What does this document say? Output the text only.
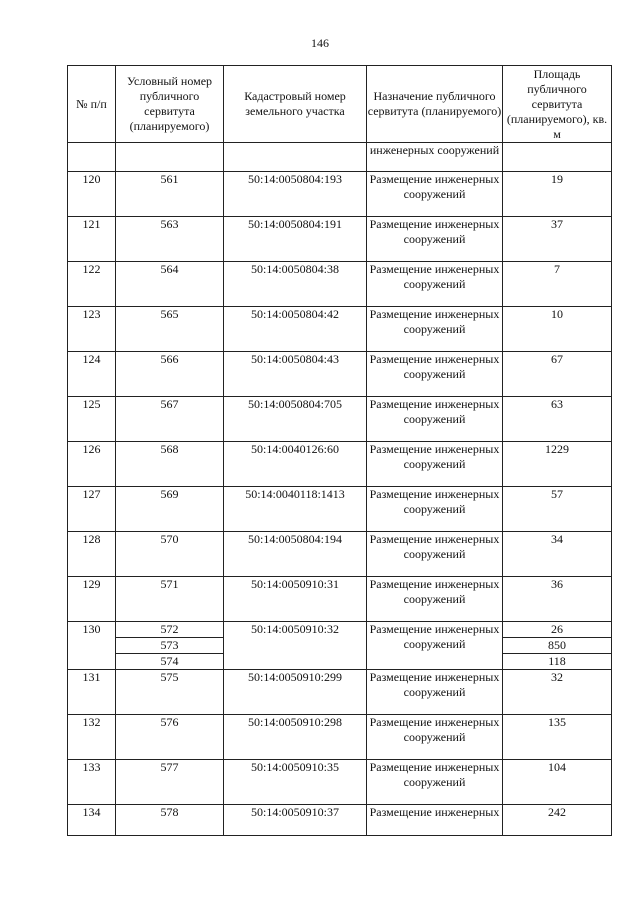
146
№ п/п	Условный номер публичного сервитута (планируемого)	Кадастровый номер земельного участка	Назначение публичного сервитута (планируемого)	Площадь публичного сервитута (планируемого), кв. м
			инженерных сооружений	
120	561	50:14:0050804:193	Размещение инженерных сооружений	19
121	563	50:14:0050804:191	Размещение инженерных сооружений	37
122	564	50:14:0050804:38	Размещение инженерных сооружений	7
123	565	50:14:0050804:42	Размещение инженерных сооружений	10
124	566	50:14:0050804:43	Размещение инженерных сооружений	67
125	567	50:14:0050804:705	Размещение инженерных сооружений	63
126	568	50:14:0040126:60	Размещение инженерных сооружений	1229
127	569	50:14:0040118:1413	Размещение инженерных сооружений	57
128	570	50:14:0050804:194	Размещение инженерных сооружений	34
129	571	50:14:0050910:31	Размещение инженерных сооружений	36
130	572	50:14:0050910:32	Размещение инженерных сооружений	26
	573			850
	574			118
131	575	50:14:0050910:299	Размещение инженерных сооружений	32
132	576	50:14:0050910:298	Размещение инженерных сооружений	135
133	577	50:14:0050910:35	Размещение инженерных сооружений	104
134	578	50:14:0050910:37	Размещение инженерных	242
